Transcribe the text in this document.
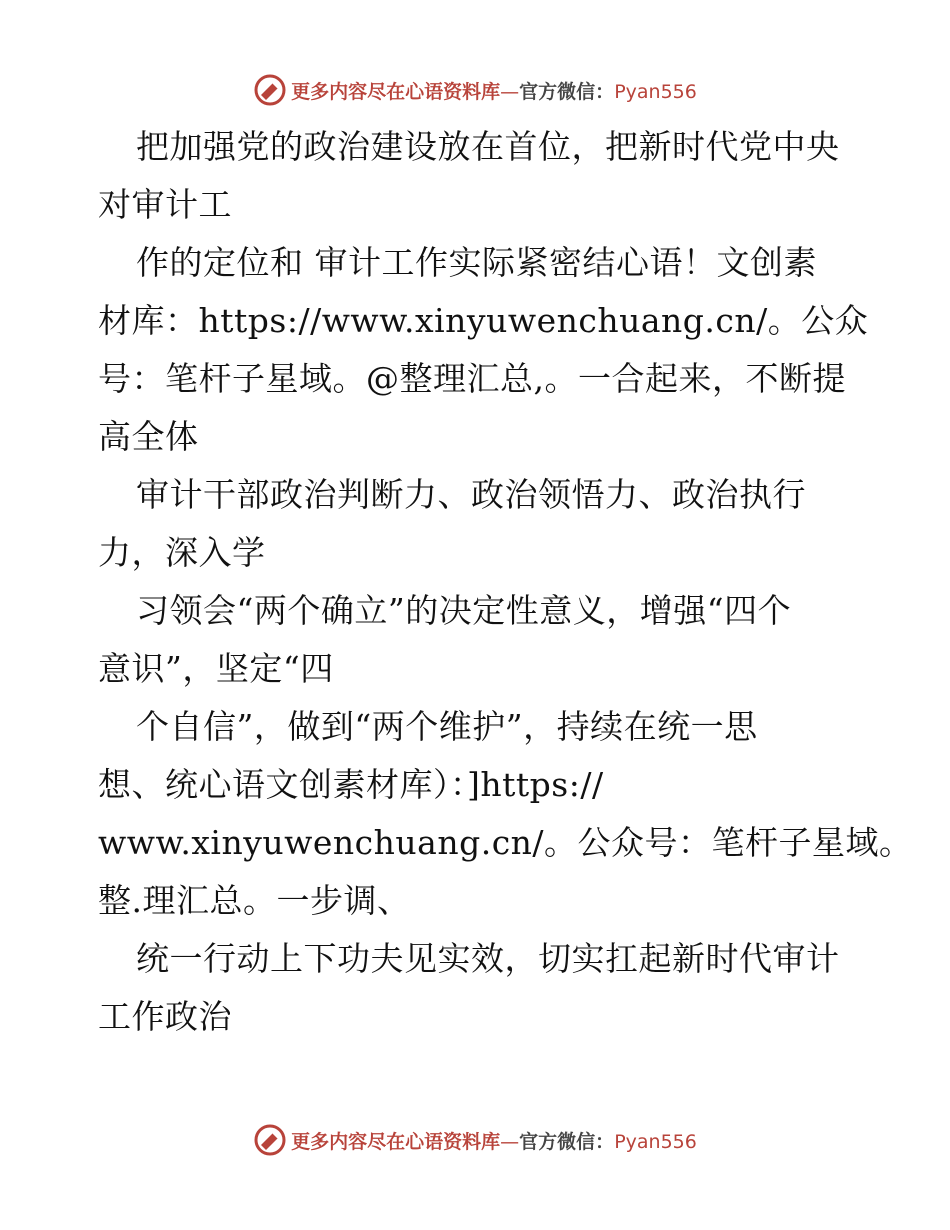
更多内容尽在心语资料库—官方微信：Pyan556
把加强党的政治建设放在首位，把新时代党中央
对审计工
作的定位和 审计工作实际紧密结心语！文创素
材库：https://www.xinyuwenchuang.cn/。公众
号：笔杆子星域。@整理汇总,。一合起来，不断提
高全体
审计干部政治判断力、政治领悟力、政治执行
力，深入学
习领会“两个确立”的决定性意义，增强“四个
意识”，坚定“四
个自信”，做到“两个维护”，持续在统一思
想、统心语文创素材库）：]https://
www.xinyuwenchuang.cn/。公众号：笔杆子星域。
整.理汇总。一步调、
统一行动上下功夫见实效，切实扛起新时代审计
工作政治
更多内容尽在心语资料库—官方微信：Pyan556
